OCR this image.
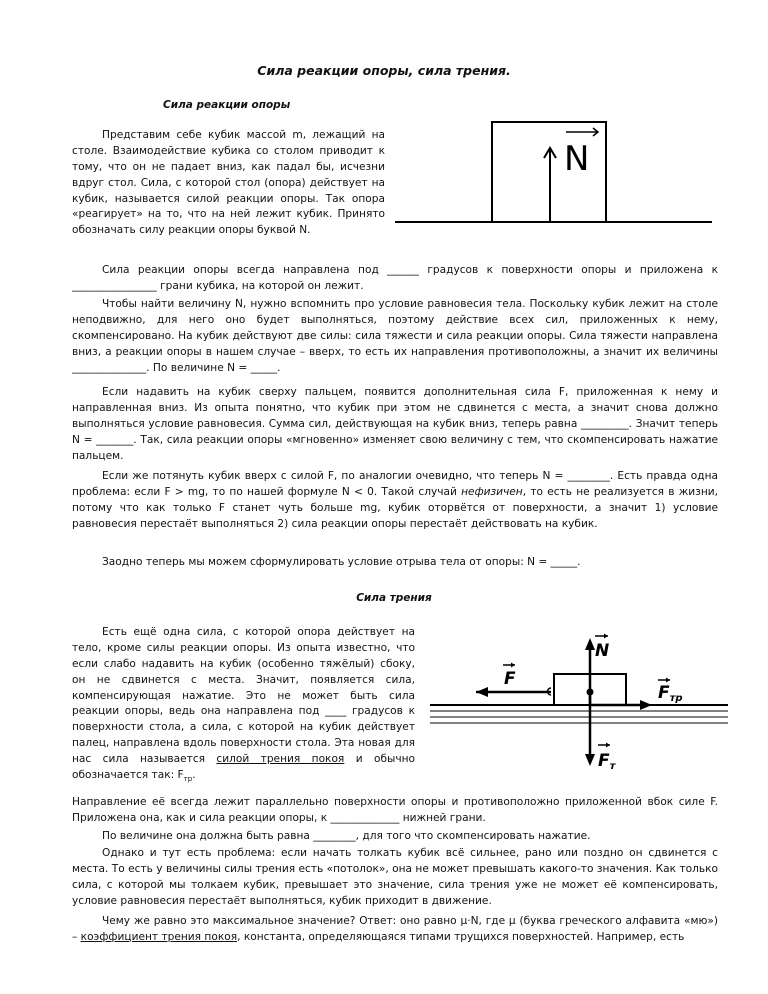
Сила реакции опоры, сила трения.
Сила реакции опоры

Представим себе кубик массой m, лежащий на столе. Взаимодействие кубика со столом приводит к тому, что он не падает вниз, как падал бы, исчезни вдруг стол. Сила, с которой стол (опора) действует на кубик, называется силой реакции опоры. Так опора «реагирует» на то, что на ней лежит кубик. Принято обозначать силу реакции опоры буквой N.

N

Сила реакции опоры всегда направлена под ______ градусов к поверхности опоры и приложена к ________________ грани кубика, на которой он лежит.

Чтобы найти величину N, нужно вспомнить про условие равновесия тела. Поскольку кубик лежит на столе неподвижно, для него оно будет выполняться, поэтому действие всех сил, приложенных к нему, скомпенсировано. На кубик действуют две силы: сила тяжести и сила реакции опоры. Сила тяжести направлена вниз, а реакции опоры в нашем случае – вверх, то есть их направления противоположны, а значит их величины ______________. По величине N = _____.

Если надавить на кубик сверху пальцем, появится дополнительная сила F, приложенная к нему и направленная вниз. Из опыта понятно, что кубик при этом не сдвинется с места, а значит снова должно выполняться условие равновесия. Сумма сил, действующая на кубик вниз, теперь равна _________. Значит теперь N = _______. Так, сила реакции опоры «мгновенно» изменяет свою величину с тем, что скомпенсировать нажатие пальцем.

Если же потянуть кубик вверх с силой F, по аналогии очевидно, что теперь N = ________. Есть правда одна проблема: если F > mg, то по нашей формуле N < 0. Такой случай нефизичен, то есть не реализуется в жизни, потому что как только F станет чуть больше mg, кубик оторвётся от поверхности, а значит 1) условие равновесия перестаёт выполняться 2) сила реакции опоры перестаёт действовать на кубик.

Заодно теперь мы можем сформулировать условие отрыва тела от опоры: N = _____.

Сила трения

Есть ещё одна сила, с которой опора действует на тело, кроме силы реакции опоры. Из опыта известно, что если слабо надавить на кубик (особенно тяжёлый) сбоку, он не сдвинется с места. Значит, появляется сила, компенсирующая нажатие. Это не может быть сила реакции опоры, ведь она направлена под ____ градусов к поверхности стола, а сила, с которой на кубик действует палец, направлена вдоль поверхности стола. Эта новая для нас сила называется силой трения покоя и обычно обозначается так: $F_{тр}$.

F
N
Fтр
Fт

Направление её всегда лежит параллельно поверхности опоры и противоположно приложенной вбок силе F. Приложена она, как и сила реакции опоры, к _____________ нижней грани.

По величине она должна быть равна ________, для того что скомпенсировать нажатие.

Однако и тут есть проблема: если начать толкать кубик всё сильнее, рано или поздно он сдвинется с места. То есть у величины силы трения есть «потолок», она не может превышать какого-то значения. Как только сила, с которой мы толкаем кубик, превышает это значение, сила трения уже не может её компенсировать, условие равновесия перестаёт выполняться, кубик приходит в движение.

Чему же равно это максимальное значение? Ответ: оно равно μ·N, где μ (буква греческого алфавита «мю») – коэффициент трения покоя, константа, определяющаяся типами трущихся поверхностей. Например, есть
